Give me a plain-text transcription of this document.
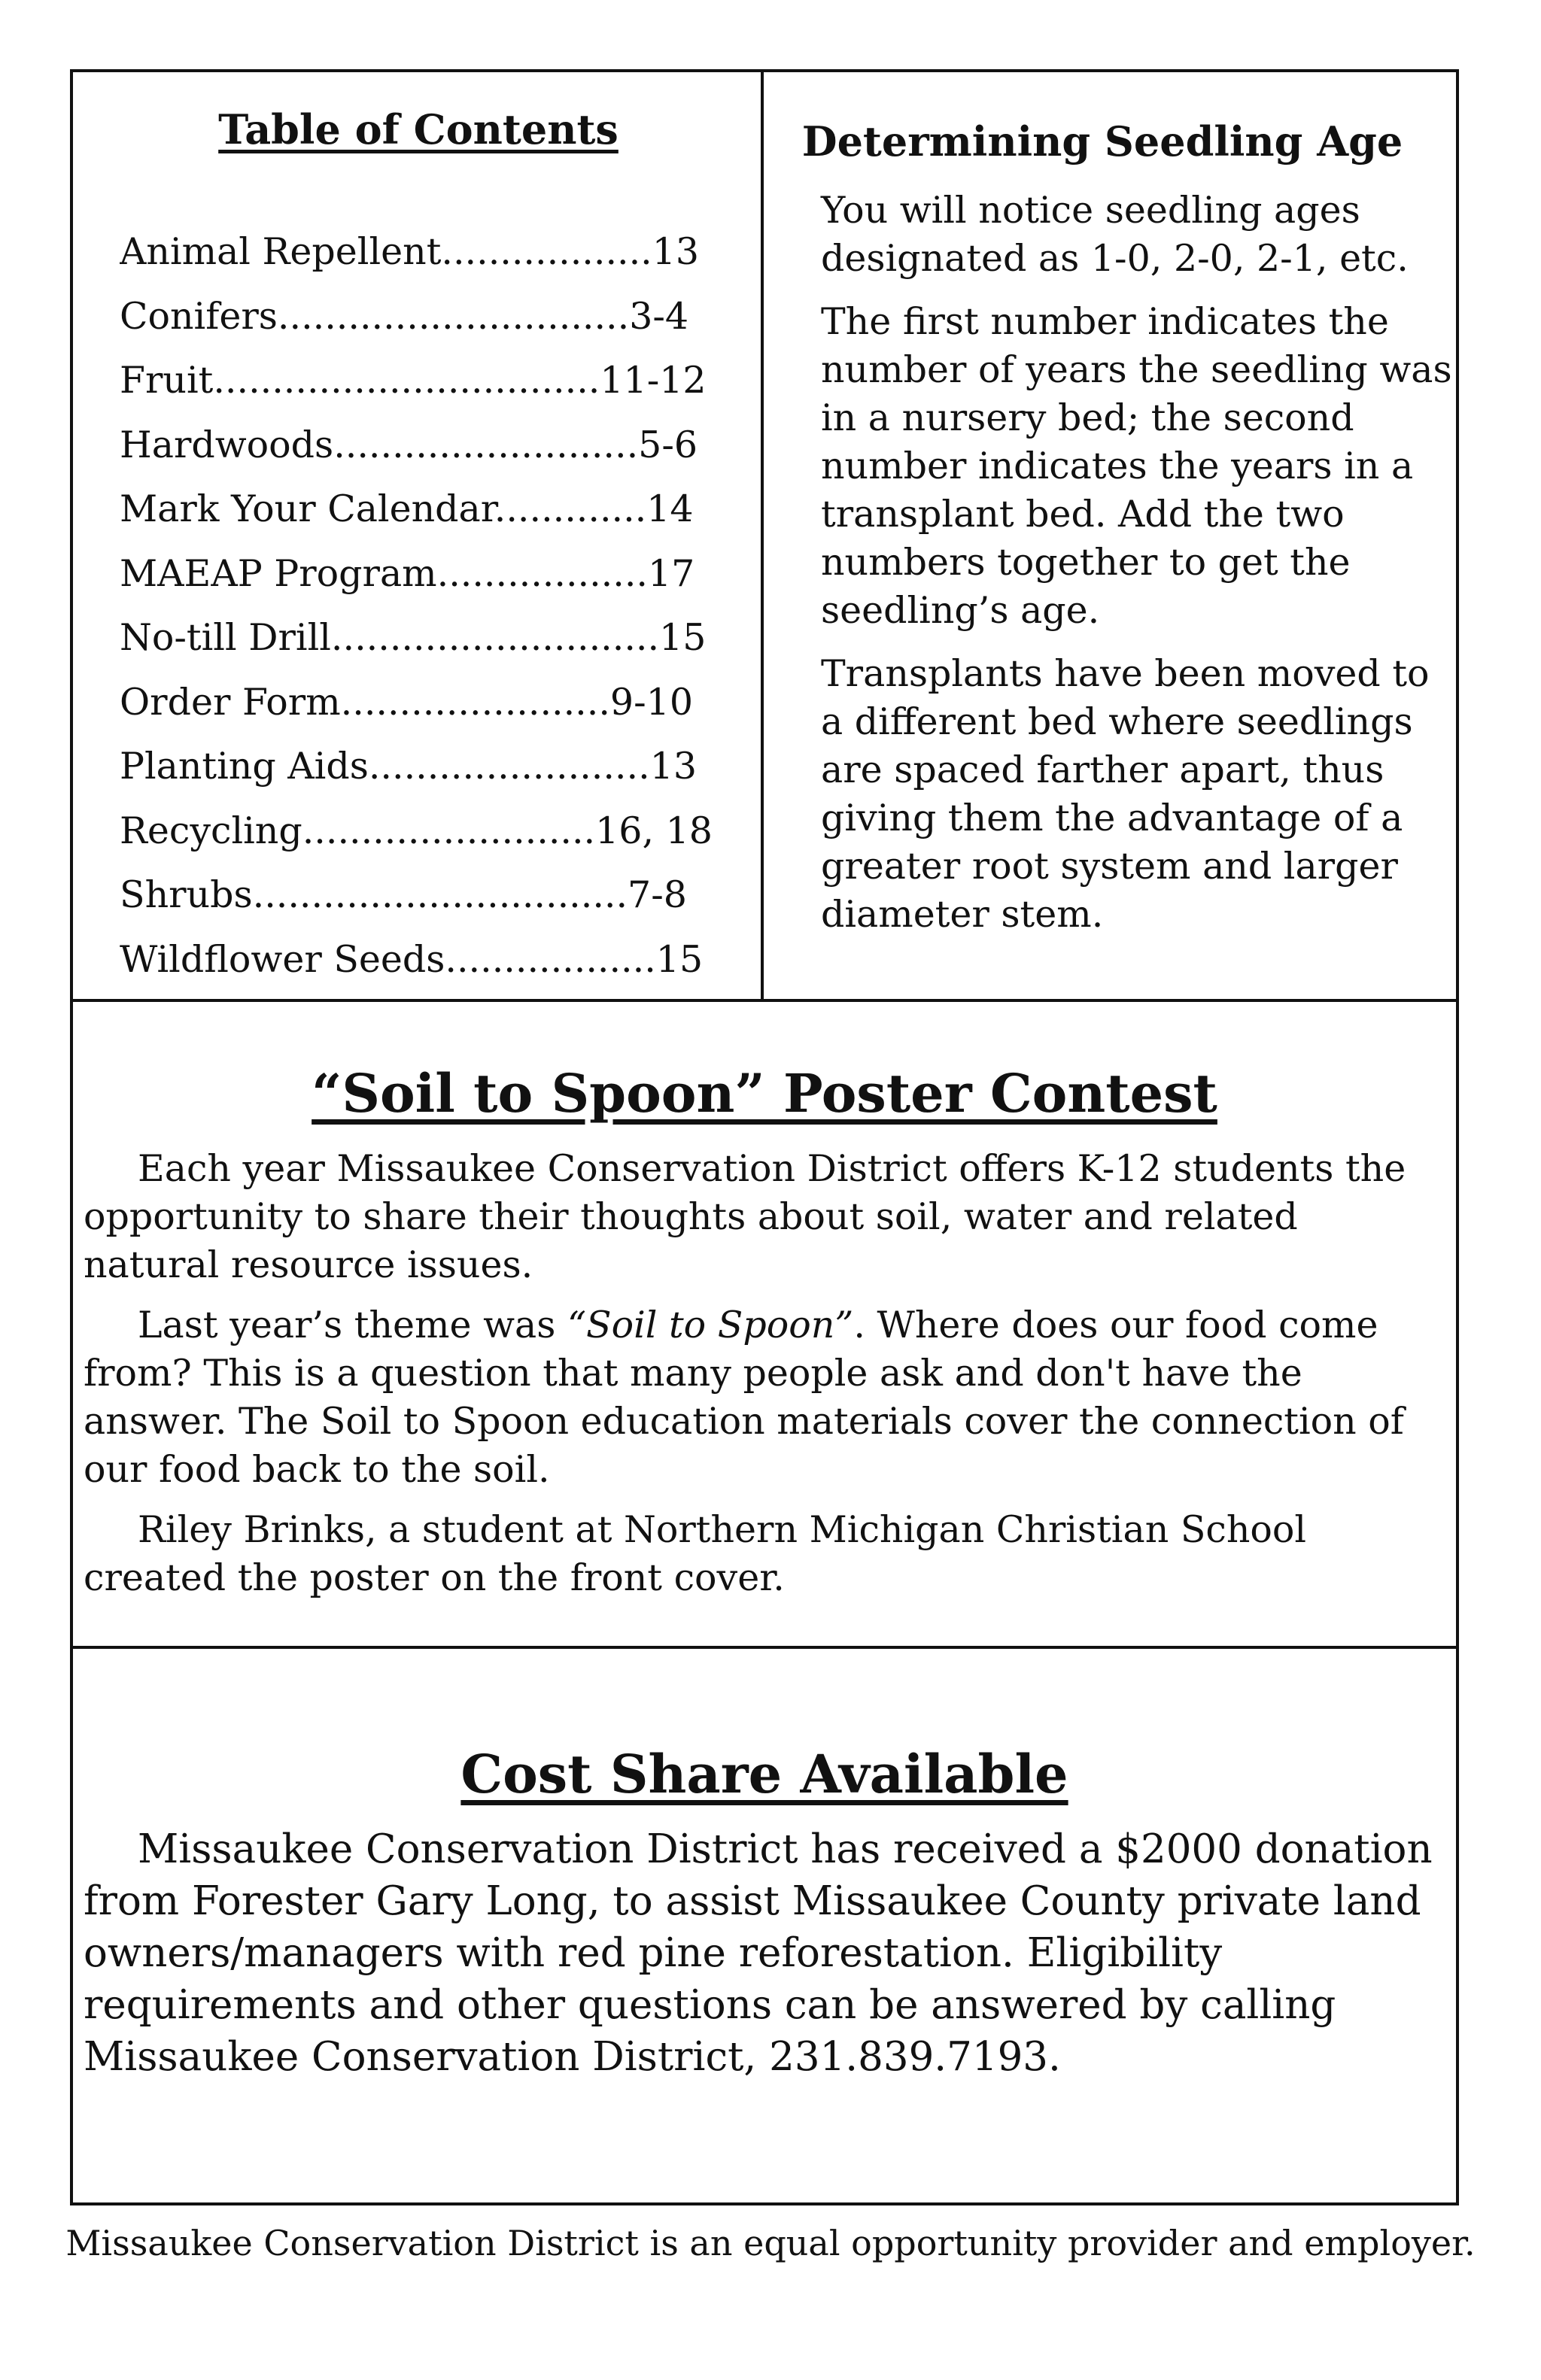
Table of Contents
Animal Repellent..................13
Conifers..............................3-4
Fruit.................................11-12
Hardwoods..........................5-6
Mark Your Calendar.............14
MAEAP Program..................17
No-till Drill............................15
Order Form.......................9-10
Planting Aids........................13
Recycling.........................16, 18
Shrubs................................7-8
Wildflower Seeds..................15
Determining Seedling Age

You will notice seedling ages designated as 1-0, 2-0, 2-1, etc.

The first number indicates the number of years the seedling was in a nursery bed; the second number indicates the years in a transplant bed. Add the two numbers together to get the seedling’s age.

Transplants have been moved to a different bed where seedlings are spaced farther apart, thus giving them the advantage of a greater root system and larger diameter stem.

“Soil to Spoon” Poster Contest

Each year Missaukee Conservation District offers K-12 students the opportunity to share their thoughts about soil, water and related natural resource issues.

Last year’s theme was “Soil to Spoon”. Where does our food come from? This is a question that many people ask and don't have the answer. The Soil to Spoon education materials cover the connection of our food back to the soil.

Riley Brinks, a student at Northern Michigan Christian School created the poster on the front cover.

Cost Share Available

Missaukee Conservation District has received a $2000 donation from Forester Gary Long, to assist Missaukee County private land owners/managers with red pine reforestation. Eligibility requirements and other questions can be answered by calling Missaukee Conservation District, 231.839.7193.

Missaukee Conservation District is an equal opportunity provider and employer.
